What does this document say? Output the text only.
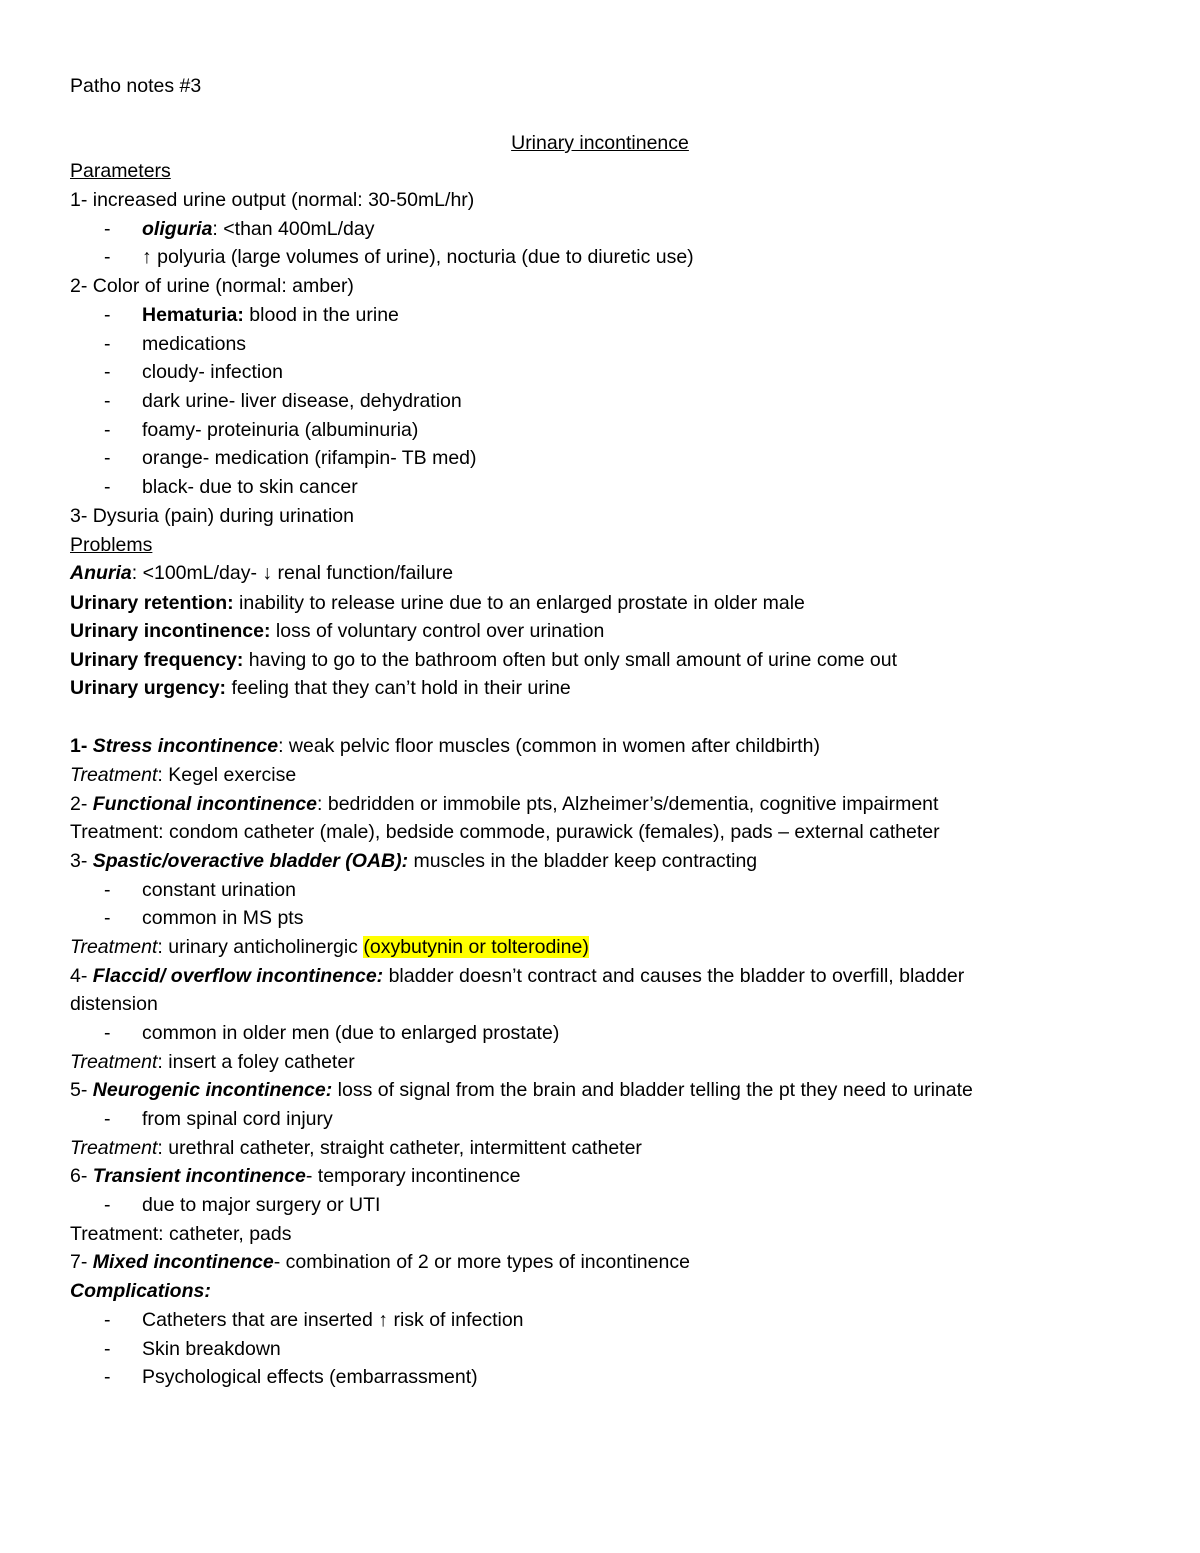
Patho notes #3
Urinary incontinence
Parameters
1- increased urine output (normal: 30-50mL/hr)
- oliguria: <than 400mL/day
- ↑ polyuria (large volumes of urine), nocturia (due to diuretic use)
2- Color of urine (normal: amber)
- Hematuria: blood in the urine
- medications
- cloudy- infection
- dark urine- liver disease, dehydration
- foamy- proteinuria (albuminuria)
- orange- medication (rifampin- TB med)
- black- due to skin cancer
3- Dysuria (pain) during urination
Problems
Anuria: <100mL/day- ↓ renal function/failure
Urinary retention: inability to release urine due to an enlarged prostate in older male
Urinary incontinence: loss of voluntary control over urination
Urinary frequency: having to go to the bathroom often but only small amount of urine come out
Urinary urgency: feeling that they can’t hold in their urine
1- Stress incontinence: weak pelvic floor muscles (common in women after childbirth)
Treatment: Kegel exercise
2- Functional incontinence: bedridden or immobile pts, Alzheimer’s/dementia, cognitive impairment
Treatment: condom catheter (male), bedside commode, purawick (females), pads – external catheter
3- Spastic/overactive bladder (OAB): muscles in the bladder keep contracting
- constant urination
- common in MS pts
Treatment: urinary anticholinergic (oxybutynin or tolterodine)
4- Flaccid/ overflow incontinence: bladder doesn’t contract and causes the bladder to overfill, bladder
distension
- common in older men (due to enlarged prostate)
Treatment: insert a foley catheter
5- Neurogenic incontinence: loss of signal from the brain and bladder telling the pt they need to urinate
- from spinal cord injury
Treatment: urethral catheter, straight catheter, intermittent catheter
6- Transient incontinence- temporary incontinence
- due to major surgery or UTI
Treatment: catheter, pads
7- Mixed incontinence- combination of 2 or more types of incontinence
Complications:
- Catheters that are inserted ↑ risk of infection
- Skin breakdown
- Psychological effects (embarrassment)
